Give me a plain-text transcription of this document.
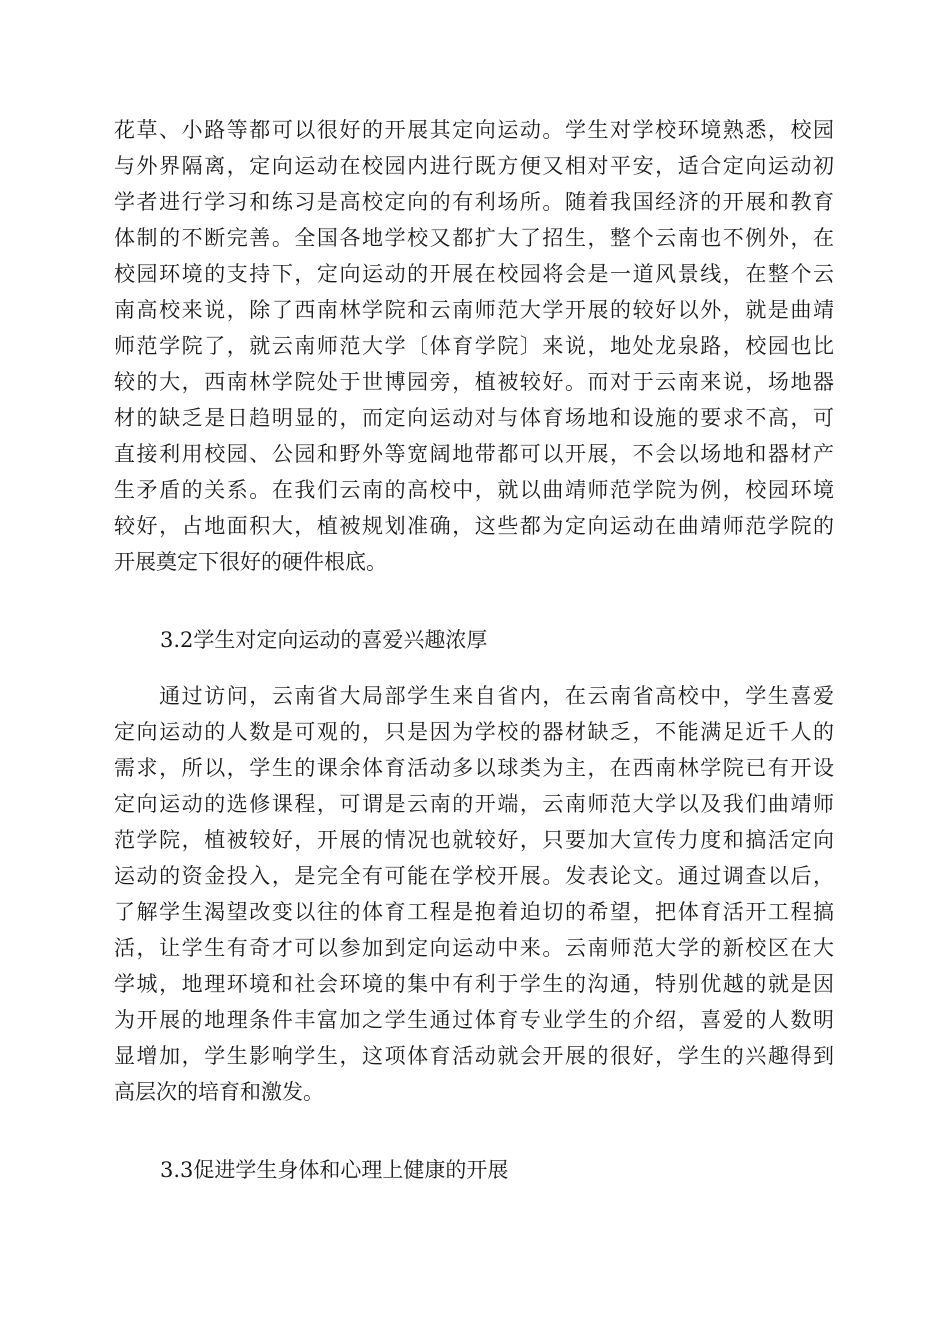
花草、小路等都可以很好的开展其定向运动。学生对学校环境熟悉，校园
与外界隔离，定向运动在校园内进行既方便又相对平安，适合定向运动初
学者进行学习和练习是高校定向的有利场所。随着我国经济的开展和教育
体制的不断完善。全国各地学校又都扩大了招生，整个云南也不例外，在
校园环境的支持下，定向运动的开展在校园将会是一道风景线，在整个云
南高校来说，除了西南林学院和云南师范大学开展的较好以外，就是曲靖
师范学院了，就云南师范大学〔体育学院〕来说，地处龙泉路，校园也比
较的大，西南林学院处于世博园旁，植被较好。而对于云南来说，场地器
材的缺乏是日趋明显的，而定向运动对与体育场地和设施的要求不高，可
直接利用校园、公园和野外等宽阔地带都可以开展，不会以场地和器材产
生矛盾的关系。在我们云南的高校中，就以曲靖师范学院为例，校园环境
较好，占地面积大，植被规划准确，这些都为定向运动在曲靖师范学院的
开展奠定下很好的硬件根底。
3.2学生对定向运动的喜爱兴趣浓厚
　　通过访问，云南省大局部学生来自省内，在云南省高校中，学生喜爱
定向运动的人数是可观的，只是因为学校的器材缺乏，不能满足近千人的
需求，所以，学生的课余体育活动多以球类为主，在西南林学院已有开设
定向运动的选修课程，可谓是云南的开端，云南师范大学以及我们曲靖师
范学院，植被较好，开展的情况也就较好，只要加大宣传力度和搞活定向
运动的资金投入，是完全有可能在学校开展。发表论文。通过调查以后，
了解学生渴望改变以往的体育工程是抱着迫切的希望，把体育活开工程搞
活，让学生有奇才可以参加到定向运动中来。云南师范大学的新校区在大
学城，地理环境和社会环境的集中有利于学生的沟通，特别优越的就是因
为开展的地理条件丰富加之学生通过体育专业学生的介绍，喜爱的人数明
显增加，学生影响学生，这项体育活动就会开展的很好，学生的兴趣得到
高层次的培育和激发。
3.3促进学生身体和心理上健康的开展
